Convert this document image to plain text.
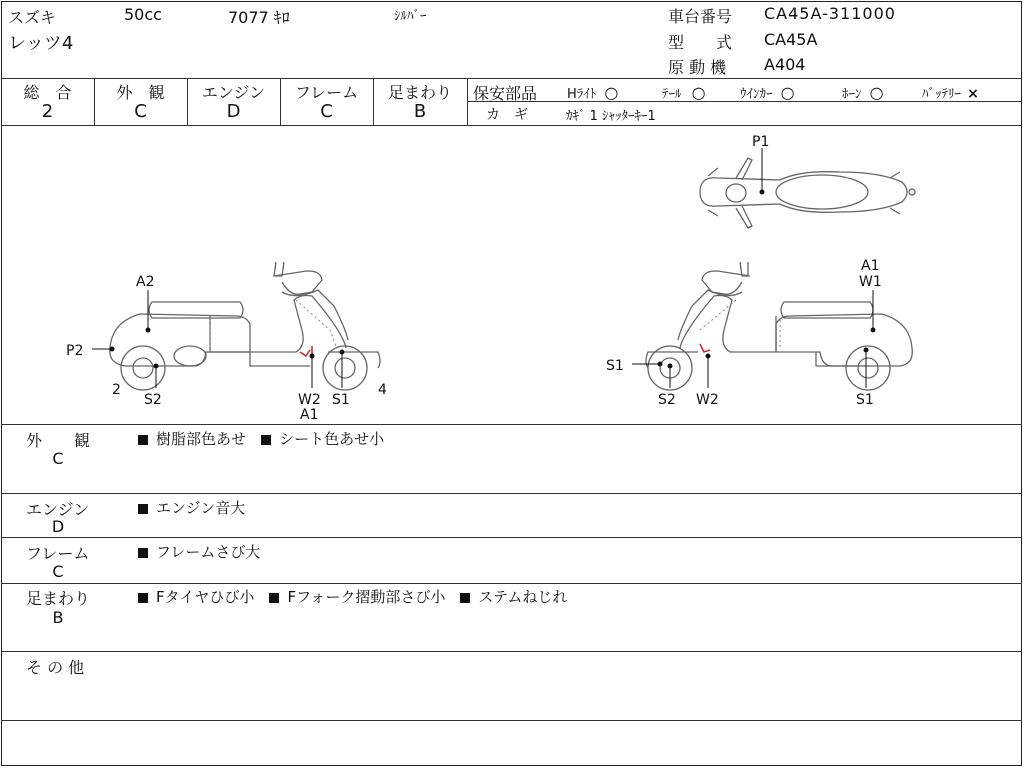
スズキ	50cc	7077 ｷﾛ	ｼﾙﾊﾞｰ
レッツ4
車台番号 CA45A-311000
型　　式 CA45A
原 動 機 A404
総　合	外　観	エンジン	フレーム	足まわり
2	C	D	C	B
保安部品 Hﾗｲﾄ ○	ﾃｰﾙ ○	ｳｲﾝｶｰ ○	ﾎｰﾝ ○	ﾊﾞｯﾃﾘｰ ×
カ　ギ	ｶｷﾞ 1 ｼｬｯﾀｰｷｰ1
P1
A2
P2
2
S2	W2
A1
S1
4
A1
W1
S1
S2 W2	S1
外　　観
C
樹脂部色あせ シート色あせ小
エンジン
D
エンジン音大
フレーム
C
フレームさび大
足まわり
B
Fタイヤひび小 Fフォーク摺動部さび小 ステムねじれ
そ の 他
